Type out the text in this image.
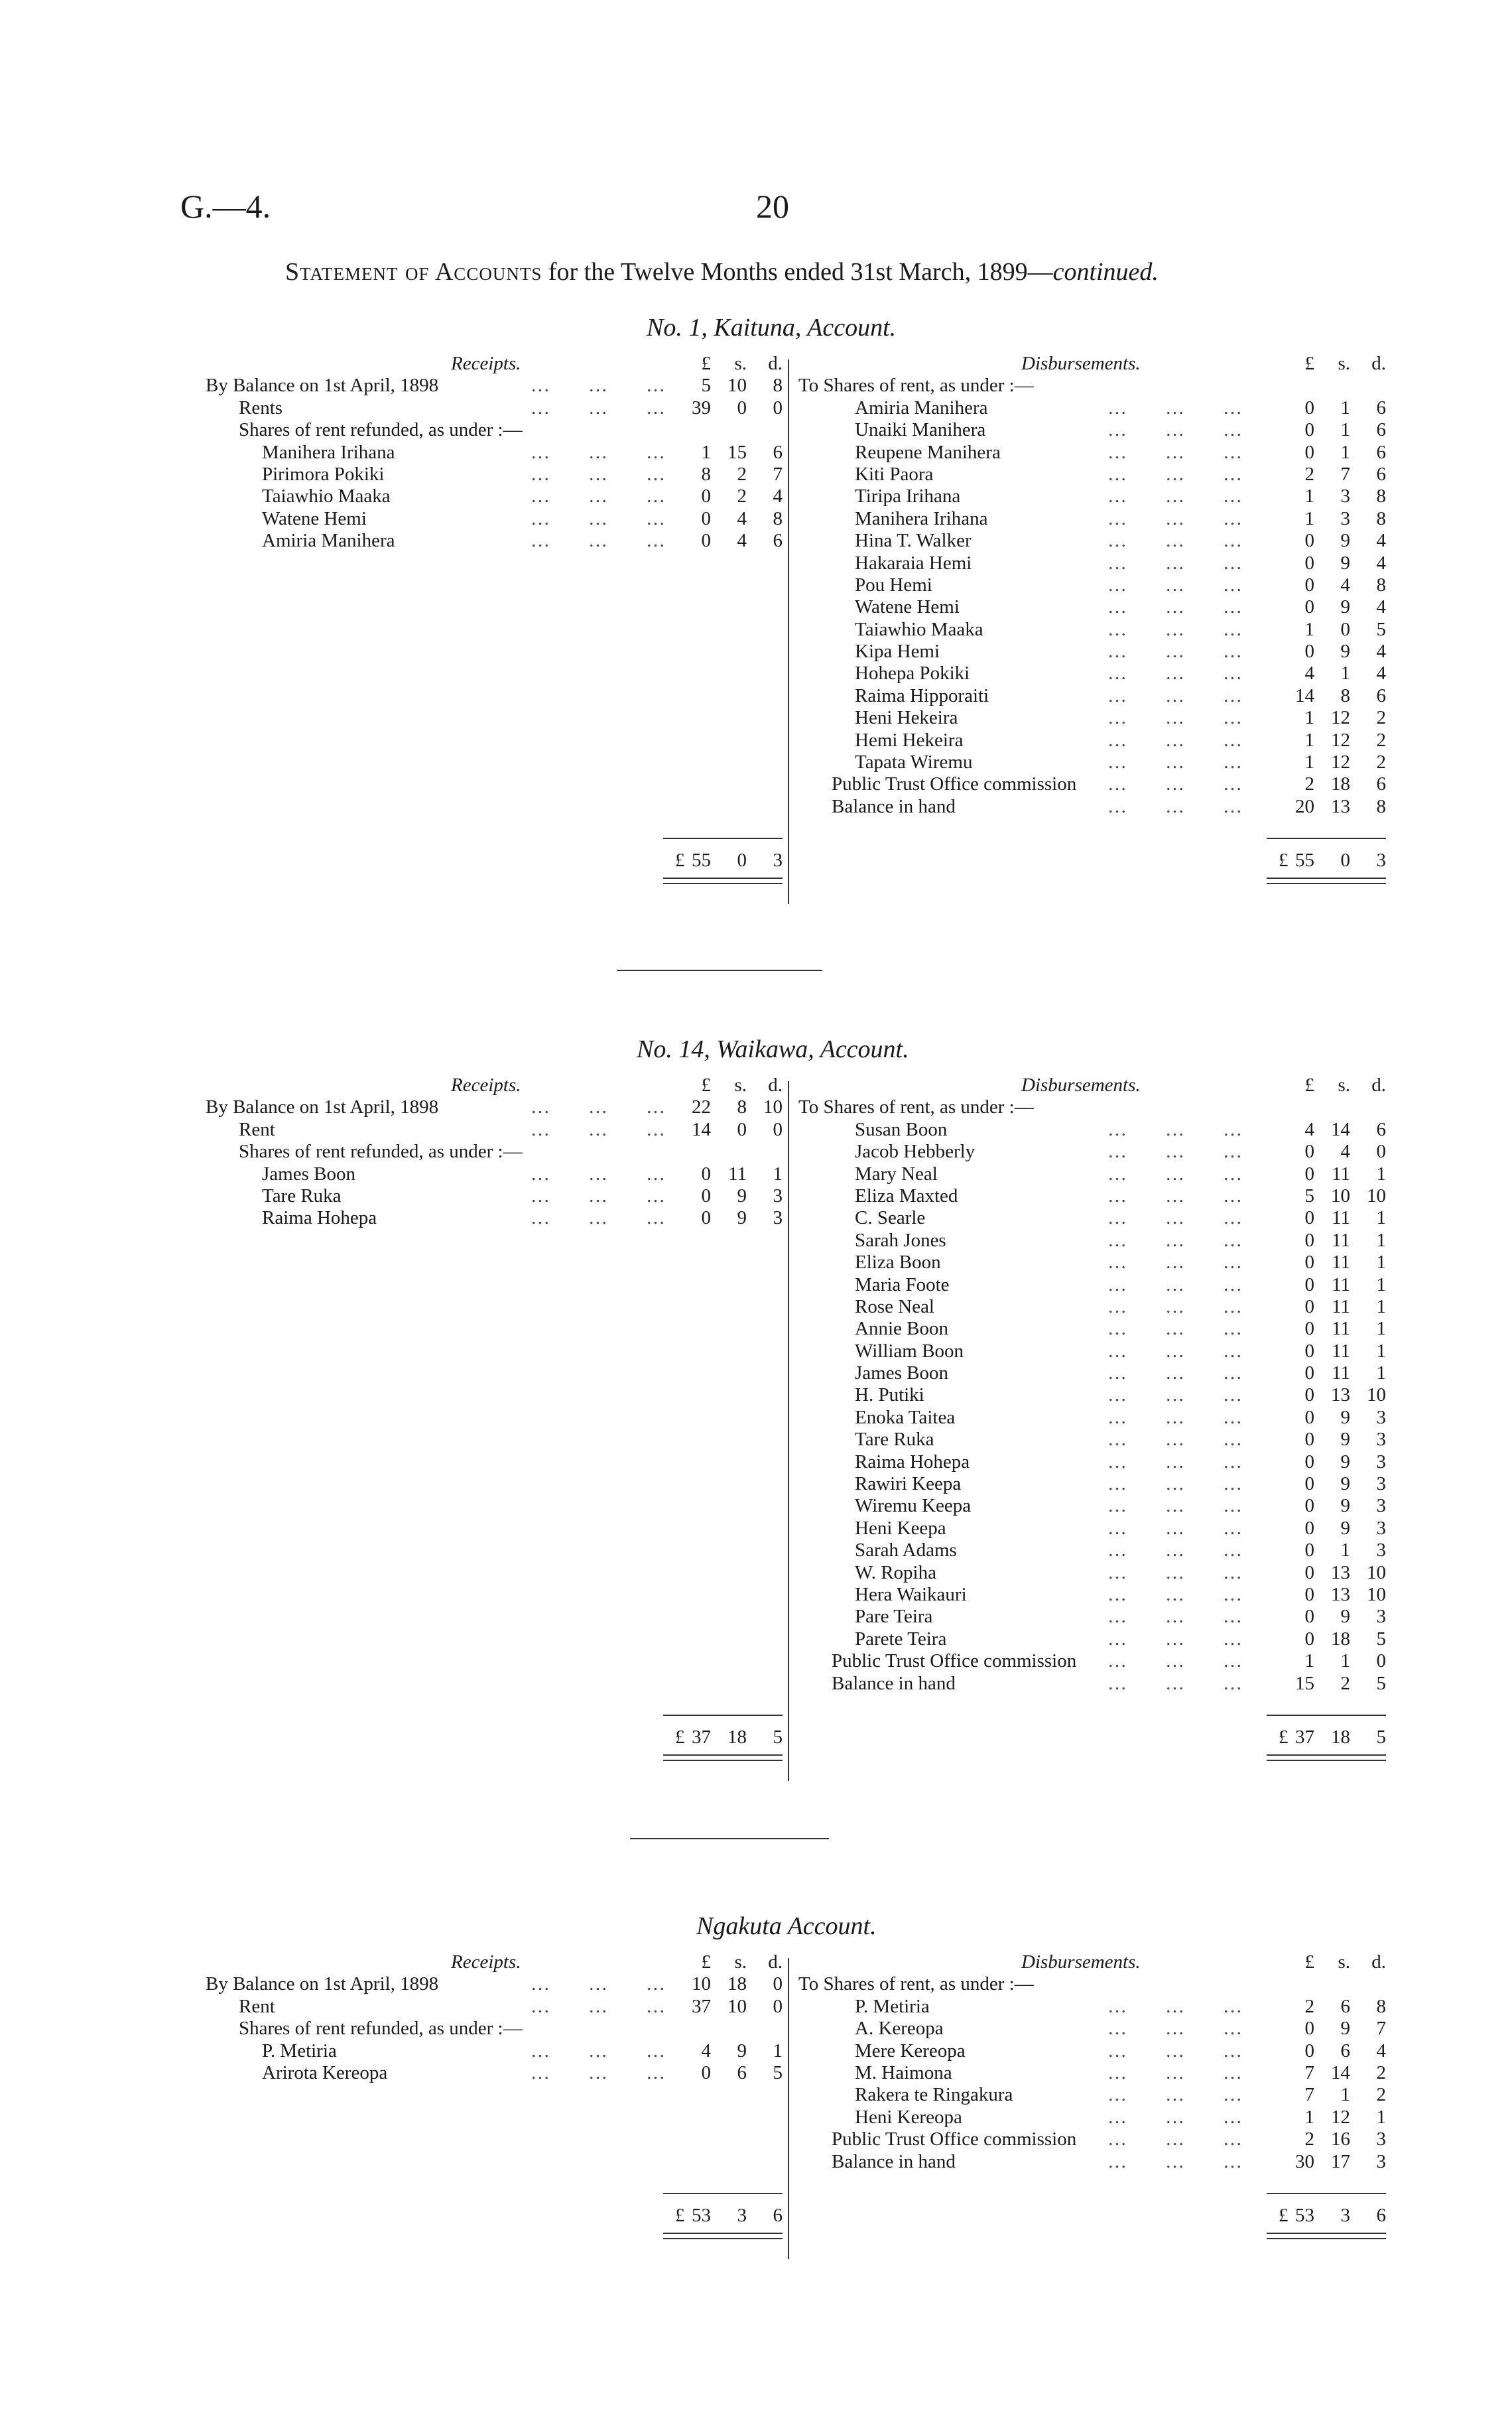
G.—4.	20
Statement of Accounts for the Twelve Months ended 31st March, 1899—continued.
No. 1, Kaituna, Account.
Receipts.	£ s. d.
By Balance on 1st April, 1898	…  …  … 5 10 8
Rents	…  …  … 39 0 0
Shares of rent refunded, as under :—
Manihera Irihana	…  …  … 1 15 6
Pirimora Pokiki	…  …  … 8 2 7
Taiawhio Maaka	…  …  … 0 2 4
Watene Hemi	…  …  … 0 4 8
Amiria Manihera	…  …  … 0 4 6
Disbursements.	£ s. d.
To Shares of rent, as under :—
Amiria Manihera	…  …  …	0 1 6
Unaiki Manihera	…  …  …	0 1 6
Reupene Manihera	…  …  …	0 1 6
Kiti Paora	…  …  …	2 7 6
Tiripa Irihana	…  …  …	1 3 8
Manihera Irihana	…  …  …	1 3 8
Hina T. Walker	…  …  …	0 9 4
Hakaraia Hemi	…  …  …	0 9 4
Pou Hemi	…  …  …	0 4 8
Watene Hemi	…  …  …	0 9 4
Taiawhio Maaka	…  …  …	1 0 5
Kipa Hemi	…  …  …	0 9 4
Hohepa Pokiki	…  …  …	4 1 4
Raima Hipporaiti	…  …  …	14 8 6
Heni Hekeira	…  …  …	1 12 2
Hemi Hekeira	…  …  …	1 12 2
Tapata Wiremu	…  …  …	1 12 2
Public Trust Office commission …  …  …	2 18 6
Balance in hand	…  …  …	20 13 8
£ 55 0 3	£ 55 0 3
No. 14, Waikawa, Account.
Receipts.	£ s. d.
By Balance on 1st April, 1898	…  …  … 22 8 10
Rent	…  …  … 14 0 0
Shares of rent refunded, as under :—
James Boon	…  …  … 0 11 1
Tare Ruka	…  …  … 0 9 3
Raima Hohepa	…  …  … 0 9 3
Disbursements.	£ s. d.
To Shares of rent, as under :—
Susan Boon	…  …  …	4 14 6
Jacob Hebberly	…  …  …	0 4 0
Mary Neal	…  …  …	0 11 1
Eliza Maxted	…  …  …	5 10 10
C. Searle	…  …  …	0 11 1
Sarah Jones	…  …  …	0 11 1
Eliza Boon	…  …  …	0 11 1
Maria Foote	…  …  …	0 11 1
Rose Neal	…  …  …	0 11 1
Annie Boon	…  …  …	0 11 1
William Boon	…  …  …	0 11 1
James Boon	…  …  …	0 11 1
H. Putiki	…  …  …	0 13 10
Enoka Taitea	…  …  …	0 9 3
Tare Ruka	…  …  …	0 9 3
Raima Hohepa	…  …  …	0 9 3
Rawiri Keepa	…  …  …	0 9 3
Wiremu Keepa	…  …  …	0 9 3
Heni Keepa	…  …  …	0 9 3
Sarah Adams	…  …  …	0 1 3
W. Ropiha	…  …  …	0 13 10
Hera Waikauri	…  …  …	0 13 10
Pare Teira	…  …  …	0 9 3
Parete Teira	…  …  …	0 18 5
Public Trust Office commission …  …  …	1 1 0
Balance in hand	…  …  …	15 2 5
£ 37 18 5	£ 37 18 5
Ngakuta Account.
Receipts.	£ s. d.
By Balance on 1st April, 1898	…  …  … 10 18 0
Rent	…  …  … 37 10 0
Shares of rent refunded, as under :—
P. Metiria	…  …  … 4 9 1
Arirota Kereopa	…  …  … 0 6 5
Disbursements.	£ s. d.
To Shares of rent, as under :—
P. Metiria	…  …  …	2 6 8
A. Kereopa	…  …  …	0 9 7
Mere Kereopa	…  …  …	0 6 4
M. Haimona	…  …  …	7 14 2
Rakera te Ringakura	…  …  …	7 1 2
Heni Kereopa	…  …  …	1 12 1
Public Trust Office commission …  …  …	2 16 3
Balance in hand	…  …  …	30 17 3
£ 53 3 6	£ 53 3 6
